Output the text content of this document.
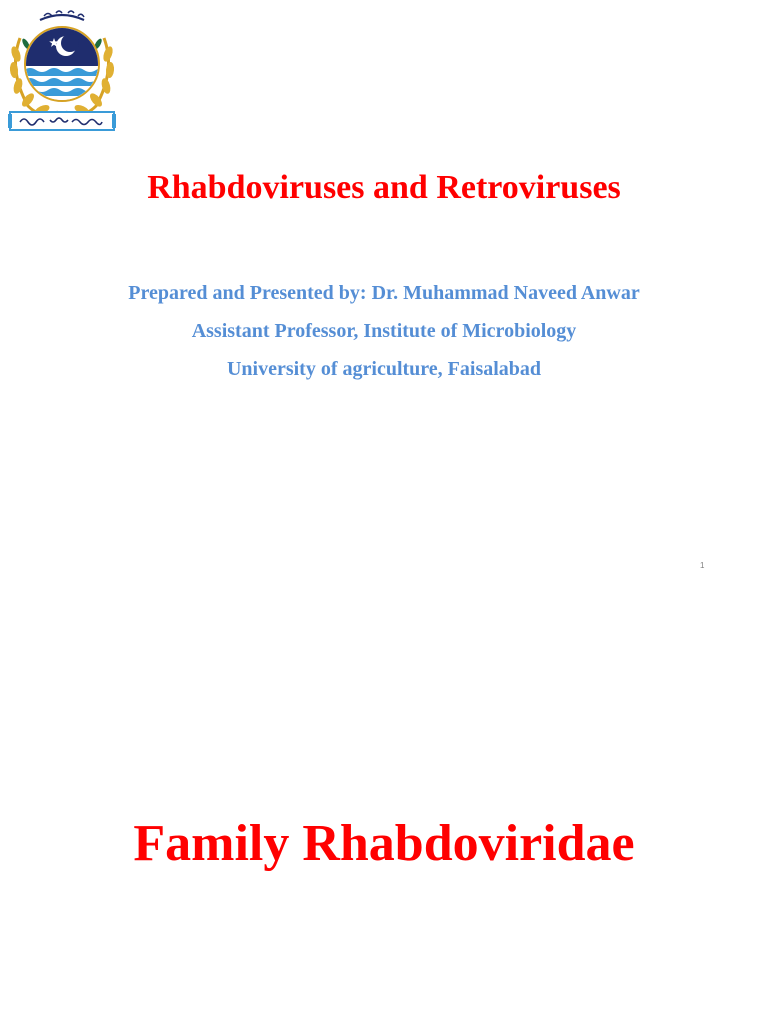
Rhabdoviruses and Retroviruses

Prepared and Presented by: Dr. Muhammad Naveed Anwar

Assistant Professor, Institute of Microbiology

University of agriculture, Faisalabad

1
Family Rhabdoviridae
